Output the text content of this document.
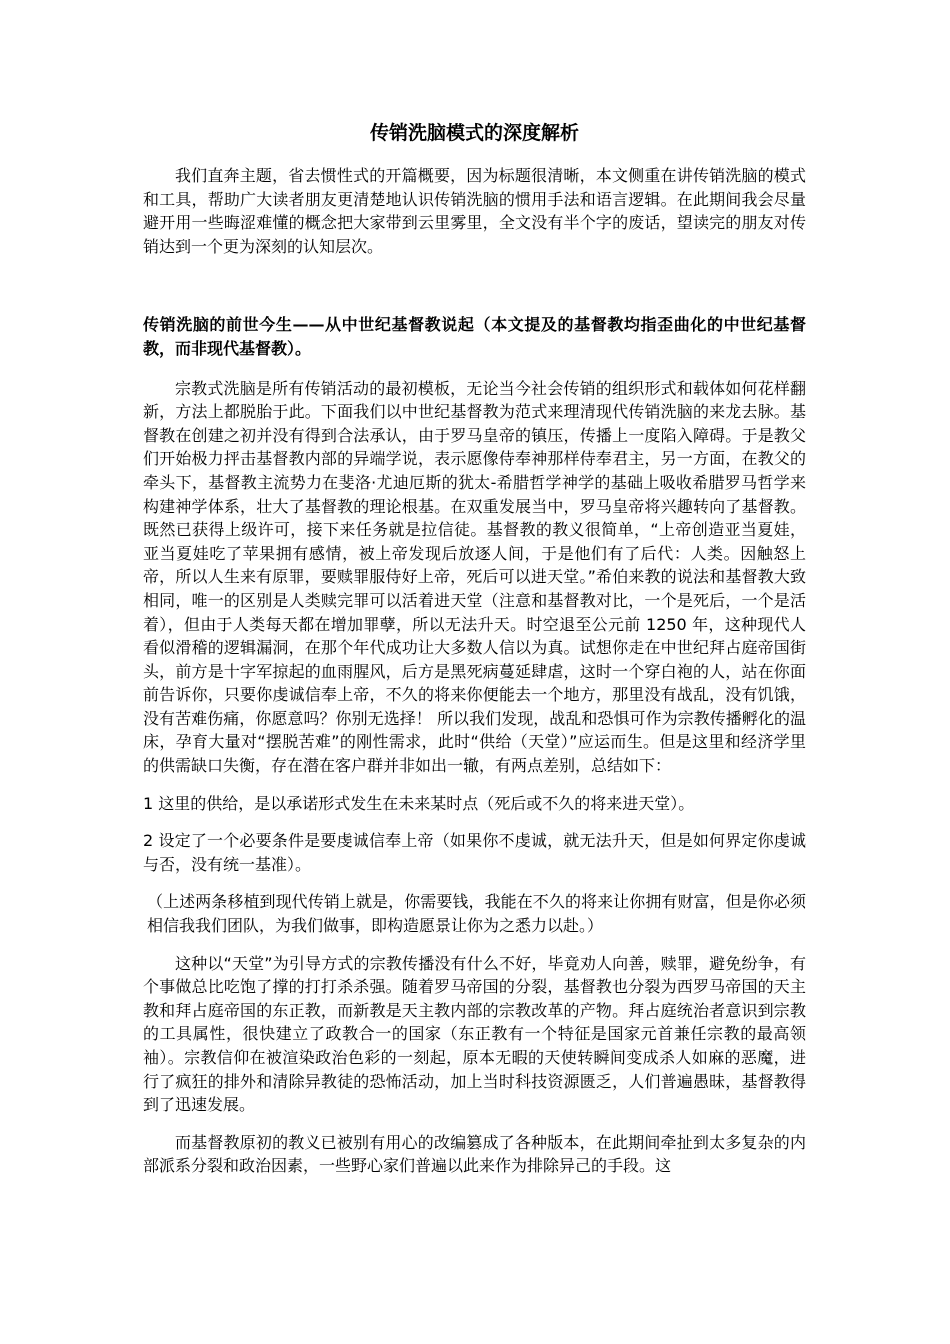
传销洗脑模式的深度解析

我们直奔主题，省去惯性式的开篇概要，因为标题很清晰，本文侧重在讲传销洗脑的模式和工具，帮助广大读者朋友更清楚地认识传销洗脑的惯用手法和语言逻辑。在此期间我会尽量避开用一些晦涩难懂的概念把大家带到云里雾里，全文没有半个字的废话，望读完的朋友对传销达到一个更为深刻的认知层次。

传销洗脑的前世今生——从中世纪基督教说起（本文提及的基督教均指歪曲化的中世纪基督教，而非现代基督教）。

宗教式洗脑是所有传销活动的最初模板，无论当今社会传销的组织形式和载体如何花样翻新，方法上都脱胎于此。下面我们以中世纪基督教为范式来理清现代传销洗脑的来龙去脉。基督教在创建之初并没有得到合法承认，由于罗马皇帝的镇压，传播上一度陷入障碍。于是教父们开始极力抨击基督教内部的异端学说，表示愿像侍奉神那样侍奉君主，另一方面，在教父的牵头下，基督教主流势力在斐洛·尤迪厄斯的犹太-希腊哲学神学的基础上吸收希腊罗马哲学来构建神学体系，壮大了基督教的理论根基。在双重发展当中，罗马皇帝将兴趣转向了基督教。既然已获得上级许可，接下来任务就是拉信徒。基督教的教义很简单，“上帝创造亚当夏娃，亚当夏娃吃了苹果拥有感情，被上帝发现后放逐人间，于是他们有了后代：人类。因触怒上帝，所以人生来有原罪，要赎罪服侍好上帝，死后可以进天堂。”希伯来教的说法和基督教大致相同，唯一的区别是人类赎完罪可以活着进天堂（注意和基督教对比，一个是死后，一个是活着），但由于人类每天都在增加罪孽，所以无法升天。时空退至公元前 1250 年，这种现代人看似滑稽的逻辑漏洞，在那个年代成功让大多数人信以为真。试想你走在中世纪拜占庭帝国街头，前方是十字军掠起的血雨腥风，后方是黑死病蔓延肆虐，这时一个穿白袍的人，站在你面前告诉你，只要你虔诚信奉上帝，不久的将来你便能去一个地方，那里没有战乱，没有饥饿，没有苦难伤痛，你愿意吗？你别无选择！ 所以我们发现，战乱和恐惧可作为宗教传播孵化的温床，孕育大量对“摆脱苦难”的刚性需求，此时“供给（天堂）”应运而生。但是这里和经济学里的供需缺口失衡，存在潜在客户群并非如出一辙，有两点差别，总结如下：

1 这里的供给，是以承诺形式发生在未来某时点（死后或不久的将来进天堂）。

2 设定了一个必要条件是要虔诚信奉上帝（如果你不虔诚，就无法升天，但是如何界定你虔诚与否，没有统一基准）。

（上述两条移植到现代传销上就是，你需要钱，我能在不久的将来让你拥有财富，但是你必须相信我我们团队，为我们做事，即构造愿景让你为之悉力以赴。）

这种以“天堂”为引导方式的宗教传播没有什么不好，毕竟劝人向善，赎罪，避免纷争，有个事做总比吃饱了撑的打打杀杀强。随着罗马帝国的分裂，基督教也分裂为西罗马帝国的天主教和拜占庭帝国的东正教，而新教是天主教内部的宗教改革的产物。拜占庭统治者意识到宗教的工具属性，很快建立了政教合一的国家（东正教有一个特征是国家元首兼任宗教的最高领袖）。宗教信仰在被渲染政治色彩的一刻起，原本无暇的天使转瞬间变成杀人如麻的恶魔，进行了疯狂的排外和清除异教徒的恐怖活动，加上当时科技资源匮乏，人们普遍愚昧，基督教得到了迅速发展。

而基督教原初的教义已被别有用心的改编篡成了各种版本，在此期间牵扯到太多复杂的内部派系分裂和政治因素，一些野心家们普遍以此来作为排除异己的手段。这
